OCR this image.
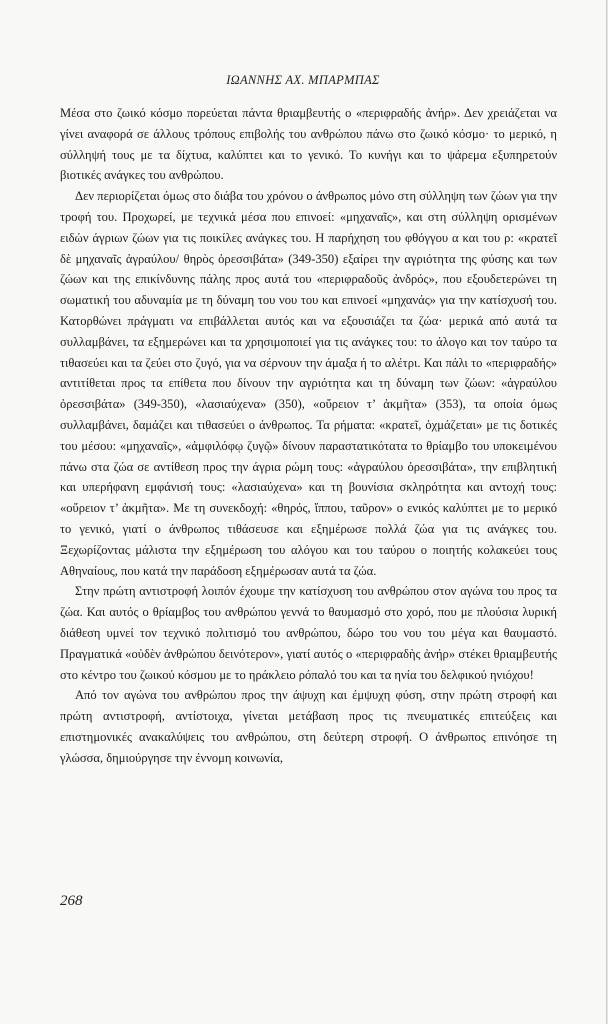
ΙΩΑΝΝΗΣ ΑΧ. ΜΠΑΡΜΠΑΣ

Μέσα στο ζωικό κόσμο πορεύεται πάντα θριαμβευτής ο «περιφραδής ἀνήρ». Δεν χρειάζεται να γίνει αναφορά σε άλλους τρόπους επιβολής του ανθρώπου πάνω στο ζωικό κόσμο· το μερικό, η σύλληψή τους με τα δίχτυα, καλύπτει και το γενικό. Το κυνήγι και το ψάρεμα εξυπηρετούν βιοτικές ανάγκες του ανθρώπου.

Δεν περιορίζεται όμως στο διάβα του χρόνου ο άνθρωπος μόνο στη σύλληψη των ζώων για την τροφή του. Προχωρεί, με τεχνικά μέσα που επινοεί: «μηχαναῖς», και στη σύλληψη ορισμένων ειδών άγριων ζώων για τις ποικίλες ανάγκες του. Η παρήχηση του φθόγγου α και του ρ: «κρατεῖ δὲ μηχαναῖς ἀγραύλου/ θηρὸς ὀρεσσιβάτα» (349-350) εξαίρει την αγριότητα της φύσης και των ζώων και της επικίνδυνης πάλης προς αυτά του «περιφραδοῦς ἀνδρός», που εξουδετερώνει τη σωματική του αδυναμία με τη δύναμη του νου του και επινοεί «μηχανάς» για την κατίσχυσή του. Κατορθώνει πράγματι να επιβάλλεται αυτός και να εξουσιάζει τα ζώα· μερικά από αυτά τα συλλαμβάνει, τα εξημερώνει και τα χρησιμοποιεί για τις ανάγκες του: το άλογο και τον ταύρο τα τιθασεύει και τα ζεύει στο ζυγό, για να σέρνουν την άμαξα ή το αλέτρι. Και πάλι το «περιφραδής» αντιτίθεται προς τα επίθετα που δίνουν την αγριότητα και τη δύναμη των ζώων: «ἀγραύλου ὀρεσσιβάτα» (349-350), «λασιαύχενα» (350), «οὔρειον τ’ ἀκμῆτα» (353), τα οποία όμως συλλαμβάνει, δαμάζει και τιθασεύει ο άνθρωπος. Τα ρήματα: «κρατεῖ, ὀχμάζεται» με τις δοτικές του μέσου: «μηχαναῖς», «ἀμφιλόφῳ ζυγῷ» δίνουν παραστατικότατα το θρίαμβο του υποκειμένου πάνω στα ζώα σε αντίθεση προς την άγρια ρώμη τους: «ἀγραύλου ὀρεσσιβάτα», την επιβλητική και υπερήφανη εμφάνισή τους: «λασιαύχενα» και τη βουνίσια σκληρότητα και αντοχή τους: «οὔρειον τ’ ἀκμῆτα». Με τη συνεκδοχή: «θηρός, ἵππου, ταῦρον» ο ενικός καλύπτει με το μερικό το γενικό, γιατί ο άνθρωπος τιθάσευσε και εξημέρωσε πολλά ζώα για τις ανάγκες του. Ξεχωρίζοντας μάλιστα την εξημέρωση του αλόγου και του ταύρου ο ποιητής κολακεύει τους Αθηναίους, που κατά την παράδοση εξημέρωσαν αυτά τα ζώα.

Στην πρώτη αντιστροφή λοιπόν έχουμε την κατίσχυση του ανθρώπου στον αγώνα του προς τα ζώα. Και αυτός ο θρίαμβος του ανθρώπου γεννά το θαυμασμό στο χορό, που με πλούσια λυρική διάθεση υμνεί τον τεχνικό πολιτισμό του ανθρώπου, δώρο του νου του μέγα και θαυμαστό. Πραγματικά «οὐδὲν ἀνθρώπου δεινότερον», γιατί αυτός ο «περιφραδὴς ἀνήρ» στέκει θριαμβευτής στο κέντρο του ζωικού κόσμου με το ηράκλειο ρόπαλό του και τα ηνία του δελφικού ηνιόχου!

Από τον αγώνα του ανθρώπου προς την άψυχη και έμψυχη φύση, στην πρώτη στροφή και πρώτη αντιστροφή, αντίστοιχα, γίνεται μετάβαση προς τις πνευματικές επιτεύξεις και επιστημονικές ανακαλύψεις του ανθρώπου, στη δεύτερη στροφή. Ο άνθρωπος επινόησε τη γλώσσα, δημιούργησε την έννομη κοινωνία,

268
